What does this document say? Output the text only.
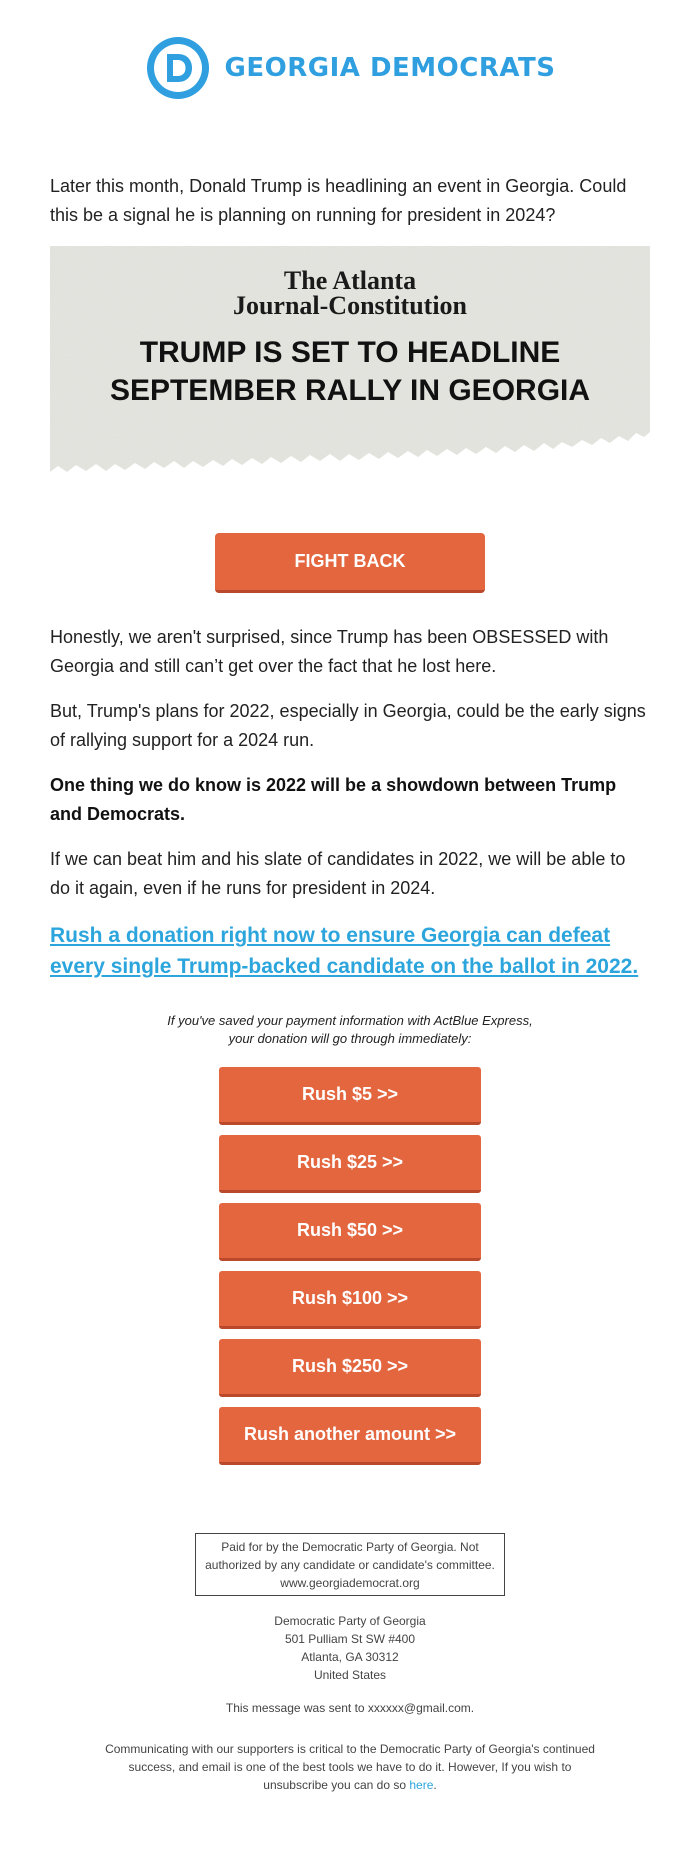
GEORGIA DEMOCRATS

Later this month, Donald Trump is headlining an event in Georgia. Could this be a signal he is planning on running for president in 2024?

The Atlanta
Journal-Constitution
TRUMP IS SET TO HEADLINE
SEPTEMBER RALLY IN GEORGIA
FIGHT BACK

Honestly, we aren't surprised, since Trump has been OBSESSED with Georgia and still can’t get over the fact that he lost here.

But, Trump's plans for 2022, especially in Georgia, could be the early signs of rallying support for a 2024 run.

One thing we do know is 2022 will be a showdown between Trump and Democrats.

If we can beat him and his slate of candidates in 2022, we will be able to do it again, even if he runs for president in 2024.

Rush a donation right now to ensure Georgia can defeat every single Trump-backed candidate on the ballot in 2022.
If you've saved your payment information with ActBlue Express,
your donation will go through immediately:
Rush $5 >>
Rush $25 >>
Rush $50 >>
Rush $100 >>
Rush $250 >>
Rush another amount >>
Paid for by the Democratic Party of Georgia. Not
authorized by any candidate or candidate's committee.
www.georgiademocrat.org
Democratic Party of Georgia
501 Pulliam St SW #400
Atlanta, GA 30312
United States
This message was sent to xxxxxx@gmail.com.
Communicating with our supporters is critical to the Democratic Party of Georgia's continued success, and email is one of the best tools we have to do it. However, If you wish to unsubscribe you can do so here.
